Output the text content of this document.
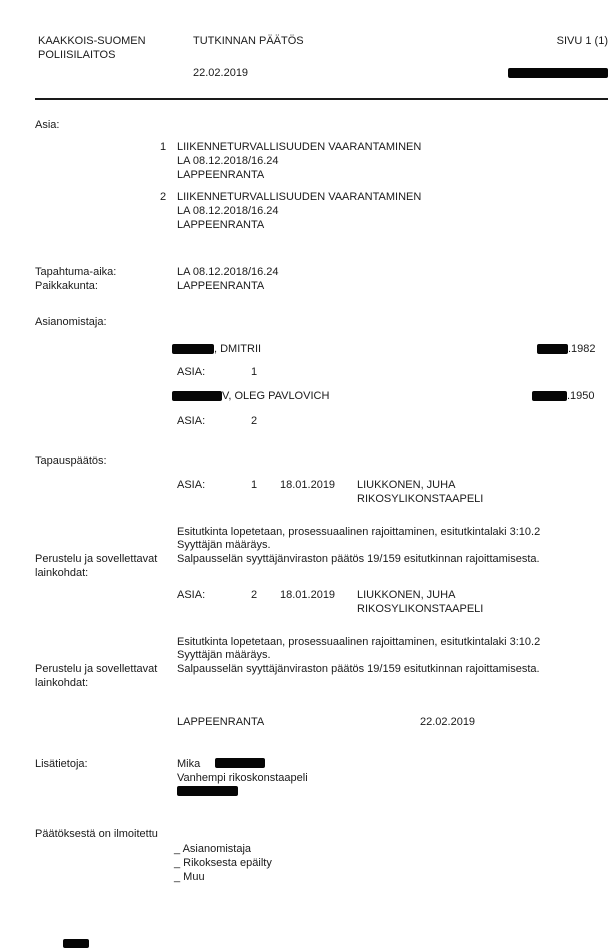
KAAKKOIS-SUOMEN
POLIISILAITOS
TUTKINNAN PÄÄTÖS	SIVU 1 (1)
22.02.2019
Asia:
1 LIIKENNETURVALLISUUDEN VAARANTAMINEN
LA 08.12.2018/16.24
LAPPEENRANTA
2 LIIKENNETURVALLISUUDEN VAARANTAMINEN
LA 08.12.2018/16.24
LAPPEENRANTA
Tapahtuma-aika:	LA 08.12.2018/16.24
Paikkakunta:	LAPPEENRANTA
Asianomistaja:
, DMITRII	.1982
ASIA:	1
V, OLEG PAVLOVICH	.1950
ASIA:	2
Tapauspäätös:
ASIA:	1 18.01.2019 LIUKKONEN, JUHA
RIKOSYLIKONSTAAPELI
Esitutkinta lopetetaan, prosessuaalinen rajoittaminen, esitutkintalaki 3:10.2
Syyttäjän määräys.
Perustelu ja sovellettavat
lainkohdat:
Salpausselän syyttäjänviraston päätös 19/159 esitutkinnan rajoittamisesta.
ASIA:	2 18.01.2019 LIUKKONEN, JUHA
RIKOSYLIKONSTAAPELI
Esitutkinta lopetetaan, prosessuaalinen rajoittaminen, esitutkintalaki 3:10.2
Syyttäjän määräys.
Perustelu ja sovellettavat
lainkohdat:
Salpausselän syyttäjänviraston päätös 19/159 esitutkinnan rajoittamisesta.
LAPPEENRANTA	22.02.2019
Lisätietoja:	Mika
Vanhempi rikoskonstaapeli
Päätöksestä on ilmoitettu
_ Asianomistaja
_ Rikoksesta epäilty
_ Muu
